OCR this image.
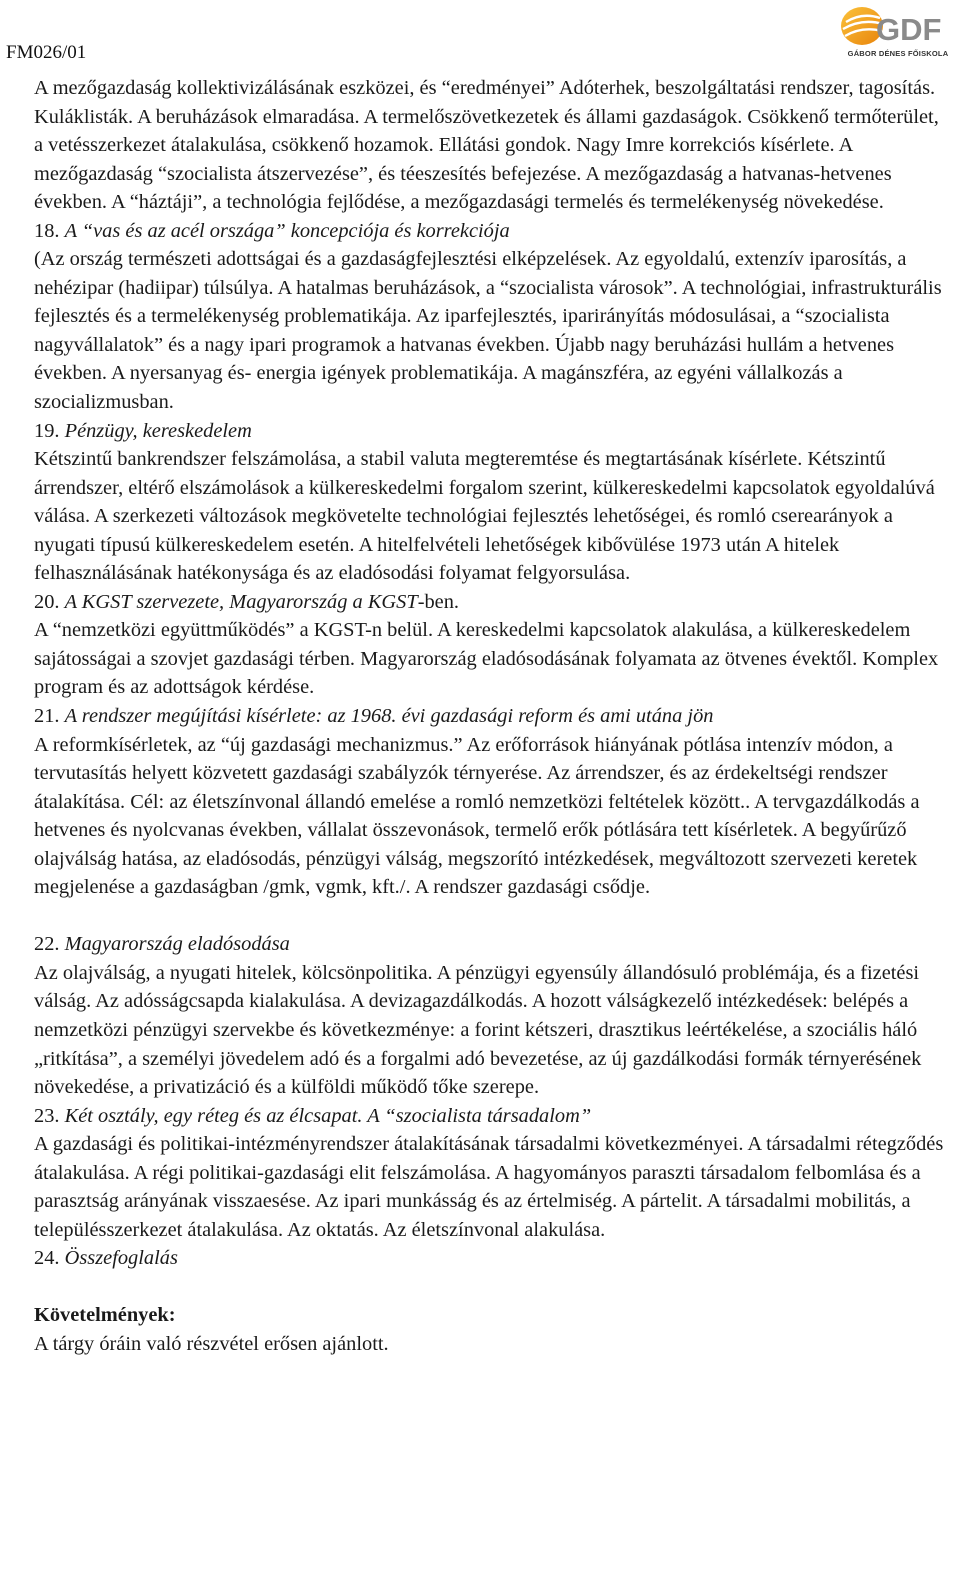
FM026/01
GDF
GÁBOR DÉNES FŐISKOLA

A mezőgazdaság kollektivizálásának eszközei, és “eredményei” Adóterhek, beszolgáltatási rendszer, tagosítás. Kuláklisták. A beruházások elmaradása. A termelőszövetkezetek és állami gazdaságok. Csökkenő termőterület, a vetésszerkezet átalakulása, csökkenő hozamok. Ellátási gondok. Nagy Imre korrekciós kísérlete. A mezőgazdaság “szocialista átszervezése”, és téeszesítés befejezése. A mezőgazdaság a hatvanas-hetvenes években. A “háztáji”, a technológia fejlődése, a mezőgazdasági termelés és termelékenység növekedése.

18. A “vas és az acél országa” koncepciója és korrekciója

(Az ország természeti adottságai és a gazdaságfejlesztési elképzelések. Az egyoldalú, extenzív iparosítás, a nehézipar (hadiipar) túlsúlya. A hatalmas beruházások, a “szocialista városok”. A technológiai, infrastrukturális fejlesztés és a termelékenység problematikája. Az iparfejlesztés, iparirányítás módosulásai, a “szocialista nagyvállalatok” és a nagy ipari programok a hatvanas években. Újabb nagy beruházási hullám a hetvenes években. A nyersanyag és- energia igények problematikája. A magánszféra, az egyéni vállalkozás a szocializmusban.

19. Pénzügy, kereskedelem

Kétszintű bankrendszer felszámolása, a stabil valuta megteremtése és megtartásának kísérlete. Kétszintű árrendszer, eltérő elszámolások a külkereskedelmi forgalom szerint, külkereskedelmi kapcsolatok egyoldalúvá válása. A szerkezeti változások megkövetelte technológiai fejlesztés lehetőségei, és romló cserearányok a nyugati típusú külkereskedelem esetén. A hitelfelvételi lehetőségek kibővülése 1973 után A hitelek felhasználásának hatékonysága és az eladósodási folyamat felgyorsulása.

20. A KGST szervezete, Magyarország a KGST-ben.

A “nemzetközi együttműködés” a KGST-n belül. A kereskedelmi kapcsolatok alakulása, a külkereskedelem sajátosságai a szovjet gazdasági térben. Magyarország eladósodásának folyamata az ötvenes évektől. Komplex program és az adottságok kérdése.

21. A rendszer megújítási kísérlete: az 1968. évi gazdasági reform és ami utána jön

A reformkísérletek, az “új gazdasági mechanizmus.” Az erőforrások hiányának pótlása intenzív módon, a tervutasítás helyett közvetett gazdasági szabályzók térnyerése. Az árrendszer, és az érdekeltségi rendszer átalakítása. Cél: az életszínvonal állandó emelése a romló nemzetközi feltételek között.. A tervgazdálkodás a hetvenes és nyolcvanas években, vállalat összevonások, termelő erők pótlására tett kísérletek. A begyűrűző olajválság hatása, az eladósodás, pénzügyi válság, megszorító intézkedések, megváltozott szervezeti keretek megjelenése a gazdaságban /gmk, vgmk, kft./. A rendszer gazdasági csődje.

22. Magyarország eladósodása

Az olajválság, a nyugati hitelek, kölcsönpolitika. A pénzügyi egyensúly állandósuló problémája, és a fizetési válság. Az adósságcsapda kialakulása. A devizagazdálkodás. A hozott válságkezelő intézkedések: belépés a nemzetközi pénzügyi szervekbe és következménye: a forint kétszeri, drasztikus leértékelése, a szociális háló „ritkítása”, a személyi jövedelem adó és a forgalmi adó bevezetése, az új gazdálkodási formák térnyerésének növekedése, a privatizáció és a külföldi működő tőke szerepe.

23. Két osztály, egy réteg és az élcsapat. A “szocialista társadalom”

A gazdasági és politikai-intézményrendszer átalakításának társadalmi következményei. A társadalmi rétegződés átalakulása. A régi politikai-gazdasági elit felszámolása. A hagyományos paraszti társadalom felbomlása és a parasztság arányának visszaesése. Az ipari munkásság és az értelmiség. A pártelit. A társadalmi mobilitás, a településszerkezet átalakulása. Az oktatás. Az életszínvonal alakulása.

24. Összefoglalás

Követelmények:

A tárgy óráin való részvétel erősen ajánlott.
